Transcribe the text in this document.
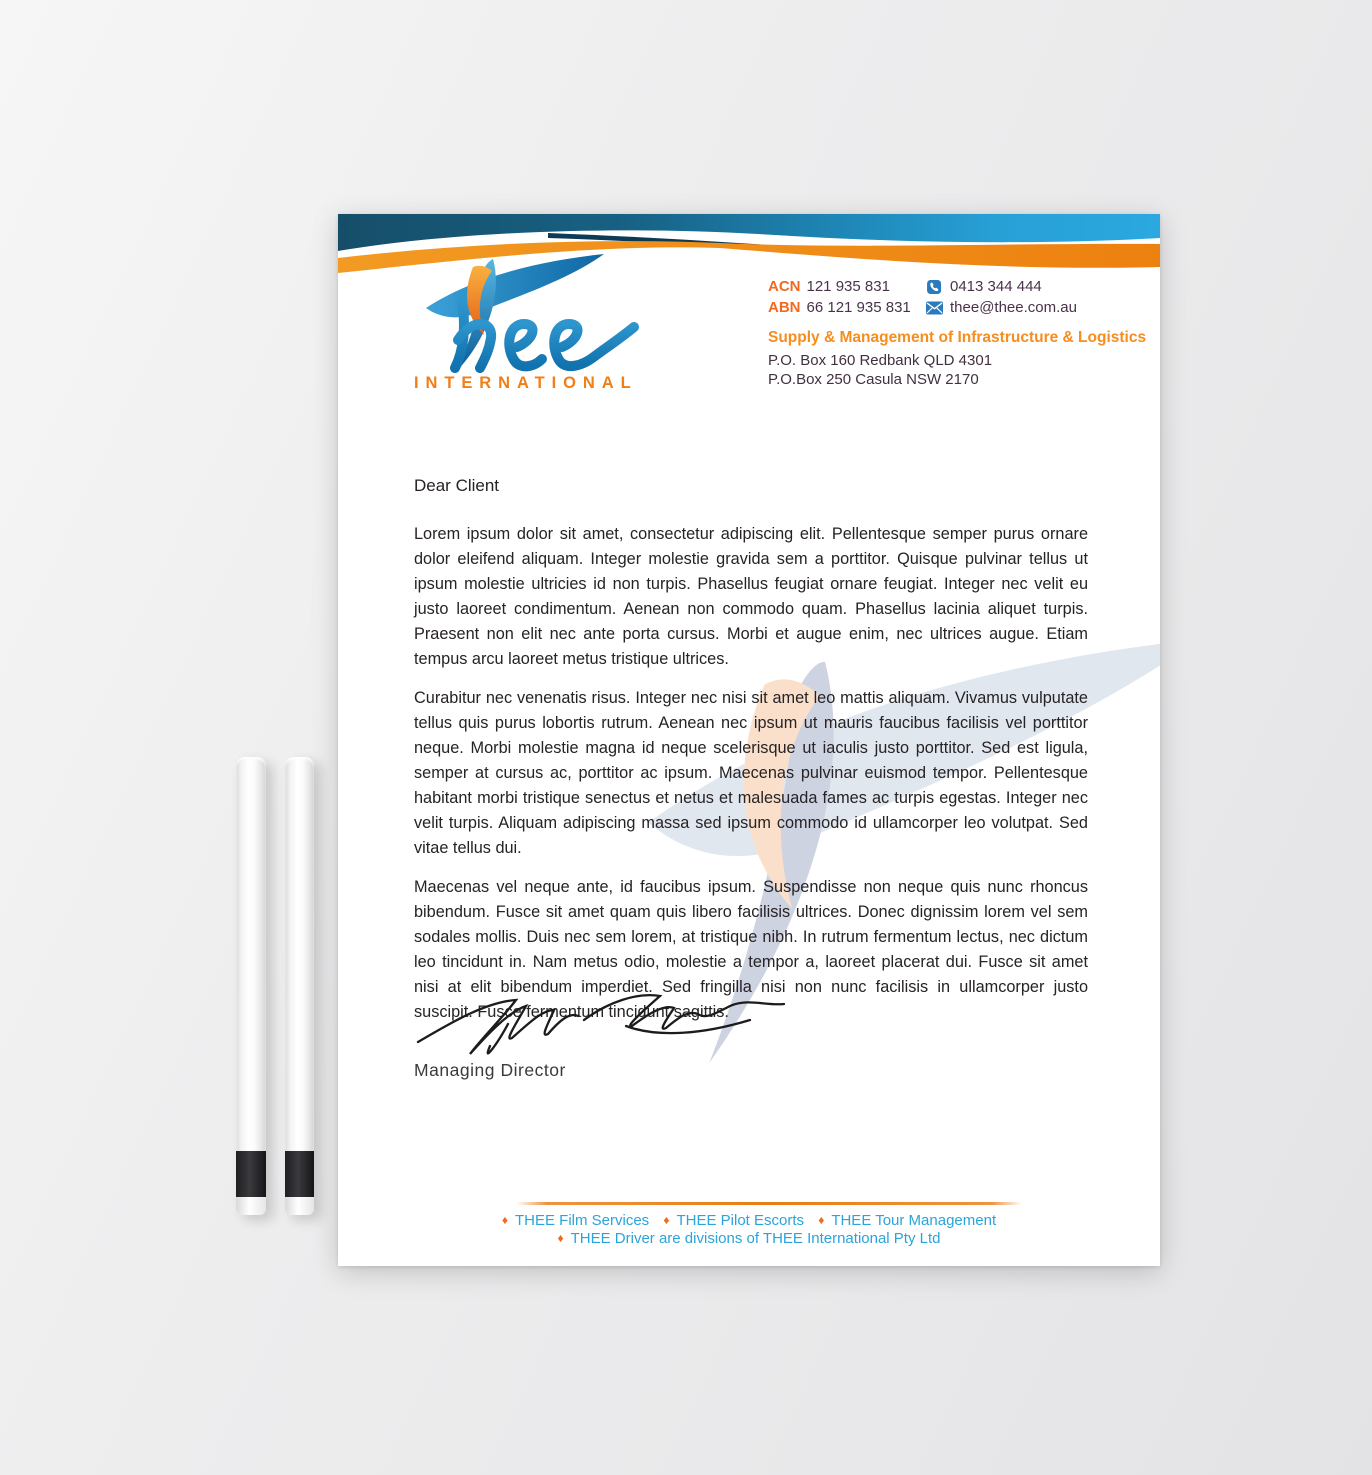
INTERNATIONAL
ACN 121 935 831	0413 344 444
ABN 66 121 935 831	thee@thee.com.au
Supply & Management of Infrastructure & Logistics
P.O. Box 160 Redbank QLD 4301
P.O.Box 250 Casula NSW 2170
Dear Client

Lorem ipsum dolor sit amet, consectetur adipiscing elit. Pellentesque semper purus ornare dolor eleifend aliquam. Integer molestie gravida sem a porttitor. Quisque pulvinar tellus ut ipsum molestie ultricies id non turpis. Phasellus feugiat ornare feugiat. Integer nec velit eu justo laoreet condimentum. Aenean non commodo quam. Phasellus lacinia aliquet turpis. Praesent non elit nec ante porta cursus. Morbi et augue enim, nec ultrices augue. Etiam tempus arcu laoreet metus tristique ultrices.

Curabitur nec venenatis risus. Integer nec nisi sit amet leo mattis aliquam. Vivamus vulputate tellus quis purus lobortis rutrum. Aenean nec ipsum ut mauris faucibus facilisis vel porttitor neque. Morbi molestie magna id neque scelerisque ut iaculis justo porttitor. Sed est ligula, semper at cursus ac, porttitor ac ipsum. Maecenas pulvinar euismod tempor. Pellentesque habitant morbi tristique senectus et netus et malesuada fames ac turpis egestas. Integer nec velit turpis. Aliquam adipiscing massa sed ipsum commodo id ullamcorper leo volutpat. Sed vitae tellus dui.

Maecenas vel neque ante, id faucibus ipsum. Suspendisse non neque quis nunc rhoncus bibendum. Fusce sit amet quam quis libero facilisis ultrices. Donec dignissim lorem vel sem sodales mollis. Duis nec sem lorem, at tristique nibh. In rutrum fermentum lectus, nec dictum leo tincidunt in. Nam metus odio, molestie a tempor a, laoreet placerat dui. Fusce sit amet nisi at elit bibendum imperdiet. Sed fringilla nisi non nunc facilisis in ullamcorper justo suscipit. Fusce fermentum tincidunt sagittis.

Managing Director
♦ THEE Film Services ♦ THEE Pilot Escorts ♦ THEE Tour Management
♦ THEE Driver are divisions of THEE International Pty Ltd
